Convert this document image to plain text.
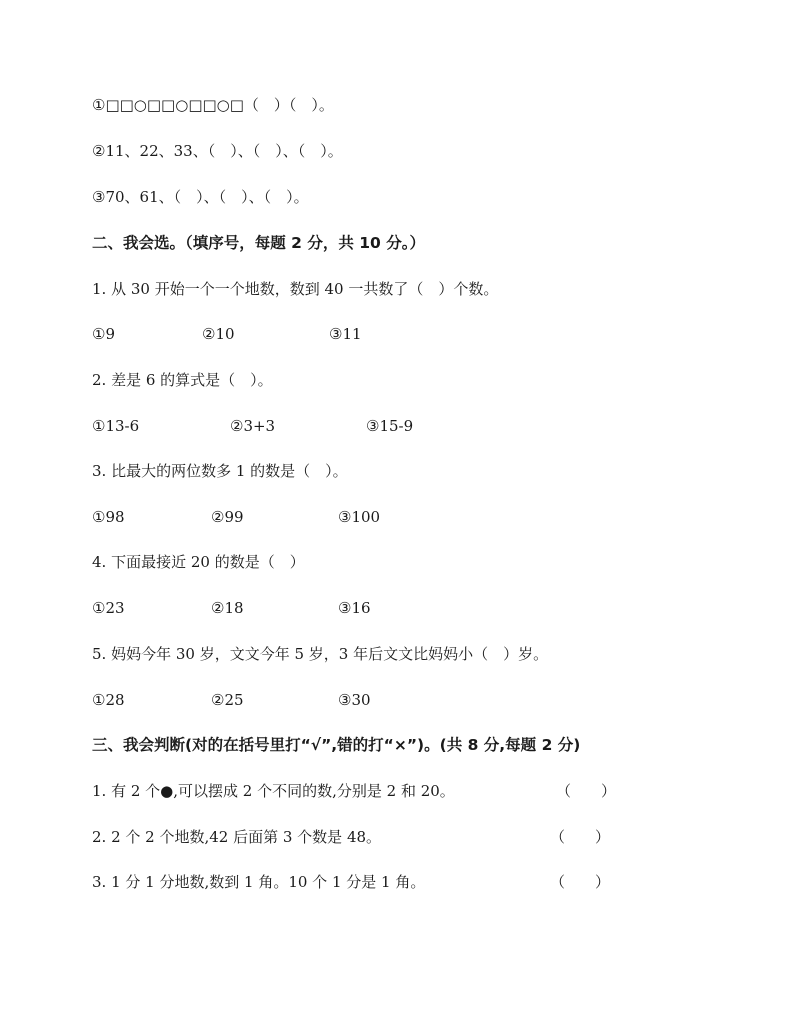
①□□○□□○□□○□（　）（　）。
②11、22、33、（　）、（　）、（　）。
③70、61、（　）、（　）、（　）。
二、我会选。（填序号，每题 2 分，共 10 分。）
1. 从 30 开始一个一个地数，数到 40 一共数了（　）个数。
①9	②10	③11
2. 差是 6 的算式是（　）。
①13-6	②3+3	③15-9
3. 比最大的两位数多 1 的数是（　）。
①98	②99	③100
4. 下面最接近 20 的数是（　）
①23	②18	③16
5. 妈妈今年 30 岁，文文今年 5 岁，3 年后文文比妈妈小（　）岁。
①28	②25	③30
三、我会判断(对的在括号里打“√”,错的打“×”)。(共 8 分,每题 2 分)
1. 有 2 个●,可以摆成 2 个不同的数,分别是 2 和 20。	（　　）
2. 2 个 2 个地数,42 后面第 3 个数是 48。	（　　）
3. 1 分 1 分地数,数到 1 角。10 个 1 分是 1 角。	（　　）
